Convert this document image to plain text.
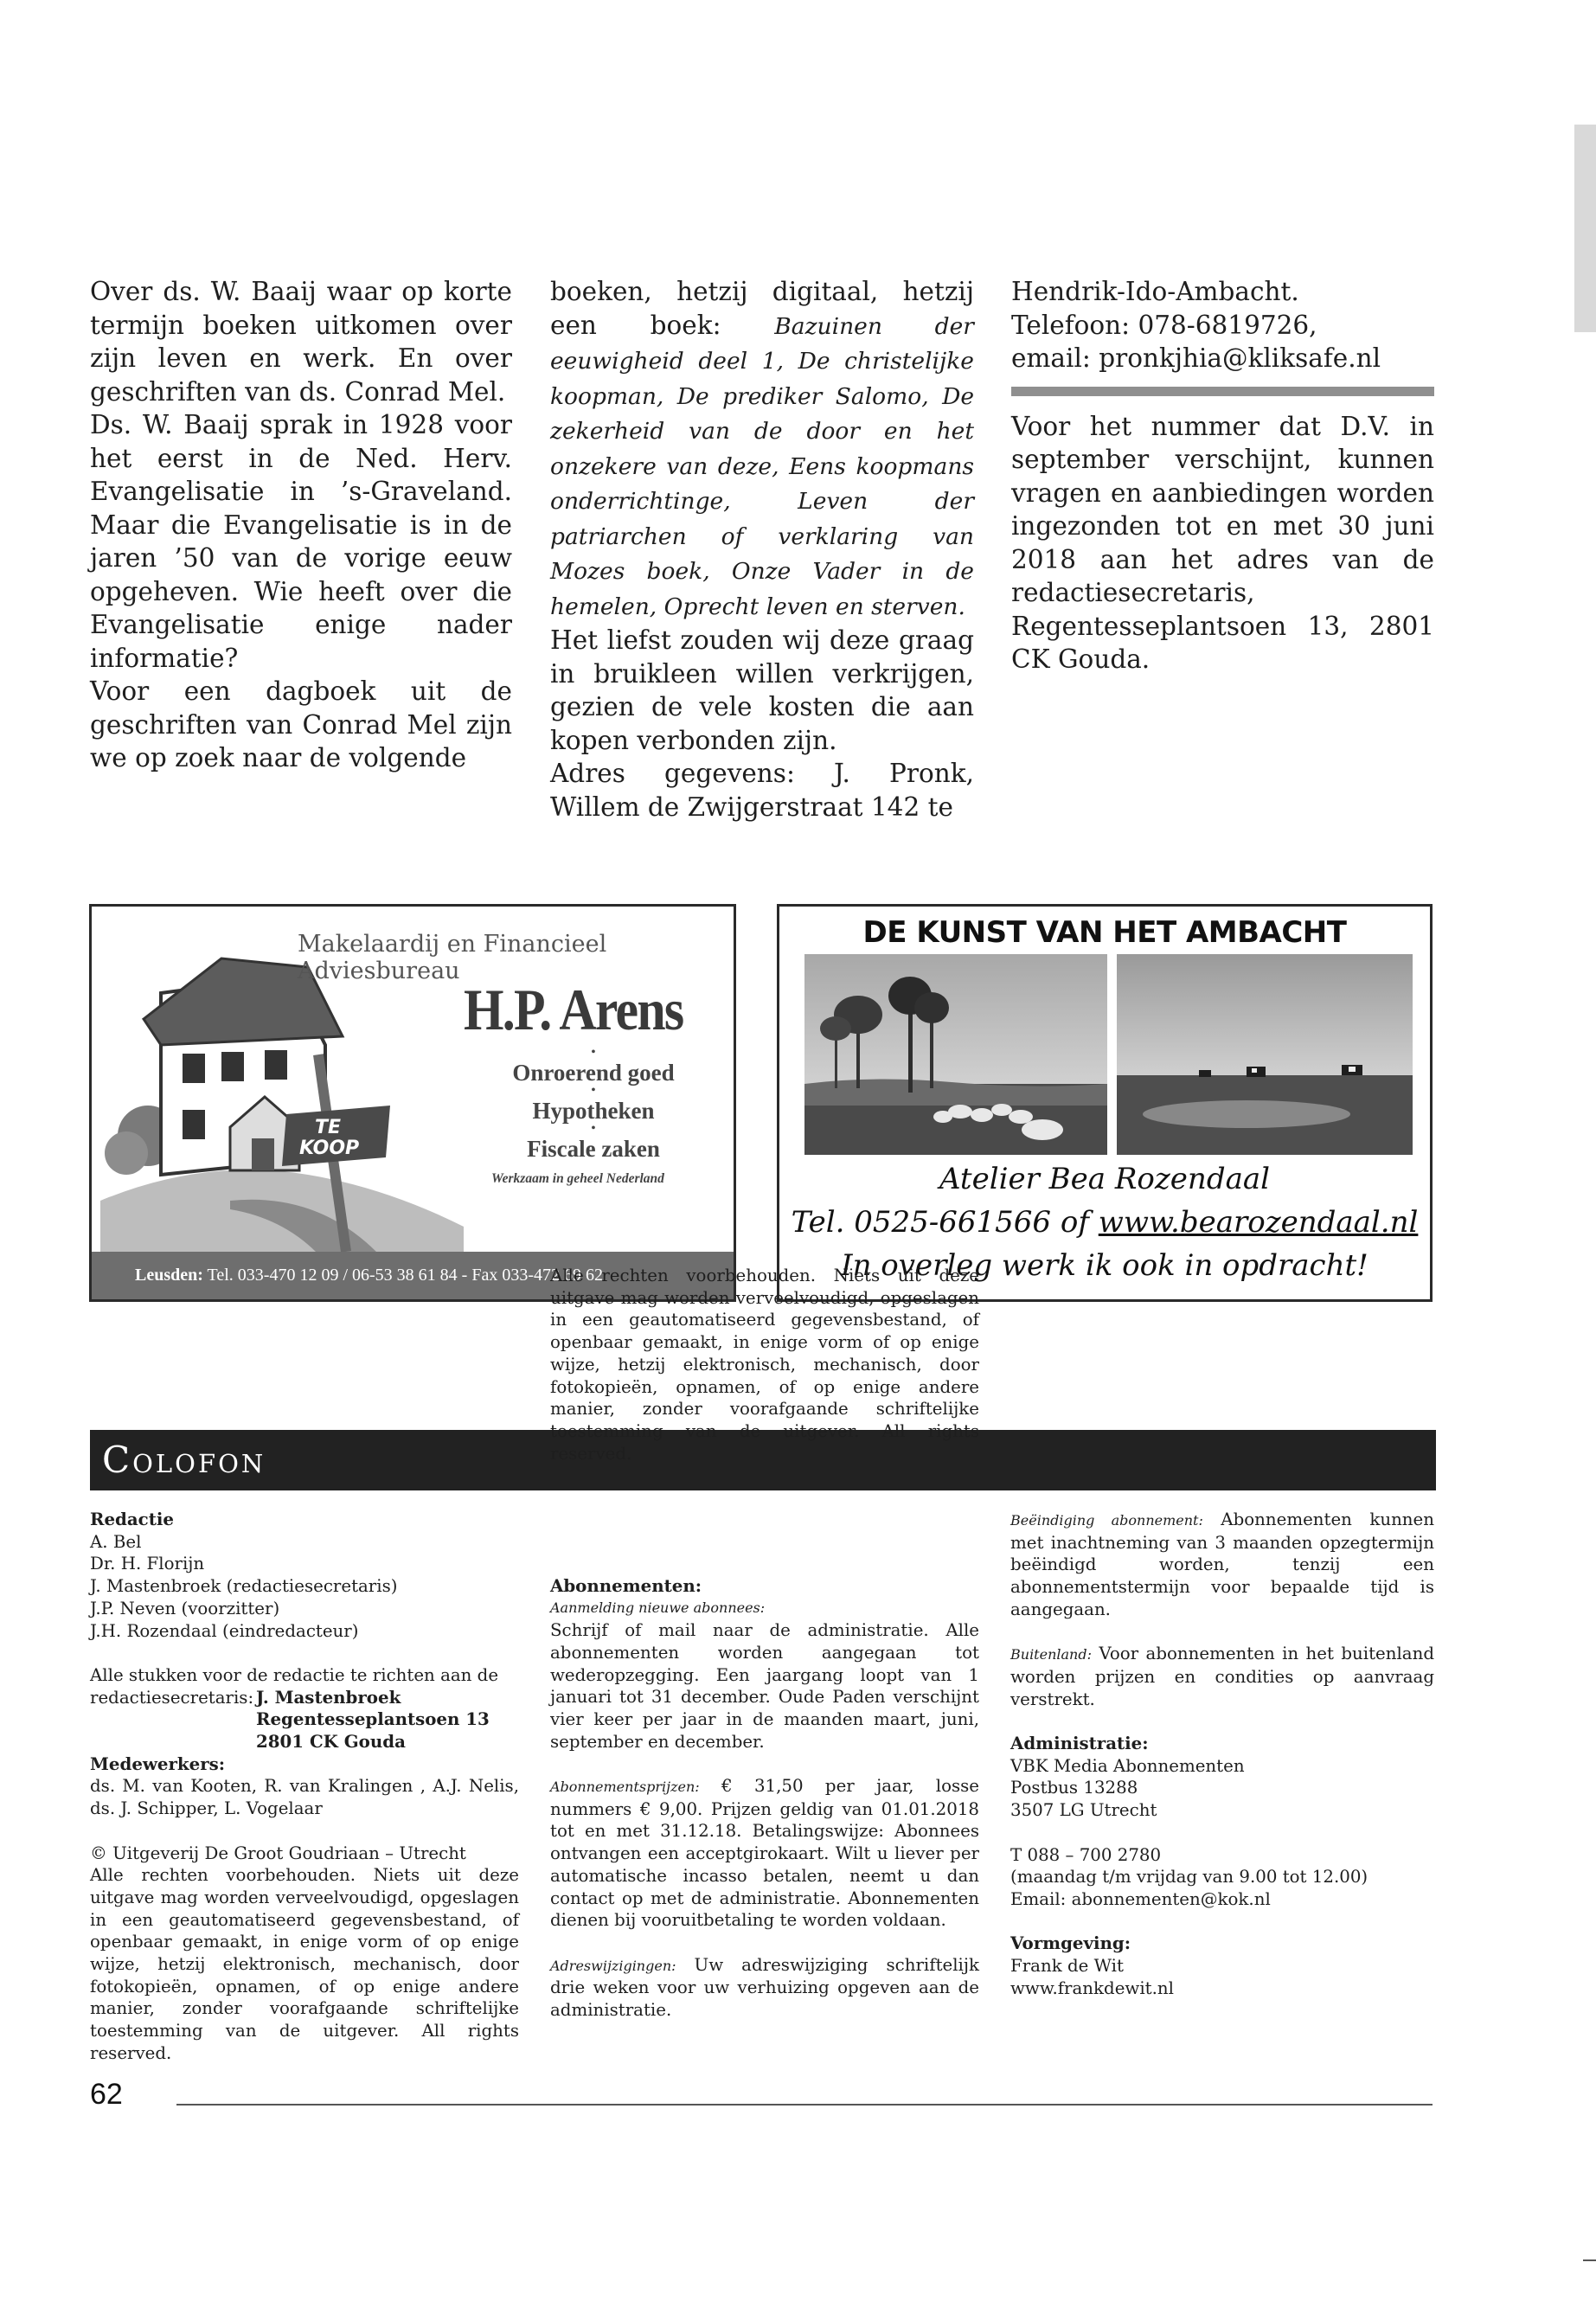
Over ds. W. Baaij waar op korte termijn boeken uitkomen over zijn leven en werk. En over geschriften van ds. Conrad Mel.

Ds. W. Baaij sprak in 1928 voor het eerst in de Ned. Herv. Evangelisatie in ’s-Graveland. Maar die Evangelisatie is in de jaren ’50 van de vorige eeuw opgeheven. Wie heeft over die Evangelisatie enige nader informatie?

Voor een dagboek uit de geschriften van Conrad Mel zijn we op zoek naar de volgende

boeken, hetzij digitaal, hetzij een boek: Bazuinen der eeuwigheid deel 1, De christelijke koopman, De prediker Salomo, De zekerheid van de door en het onzekere van deze, Eens koopmans onderrichtinge, Leven der patriarchen of verklaring van Mozes boek, Onze Vader in de hemelen, Oprecht leven en sterven.

Het liefst zouden wij deze graag in bruikleen willen verkrijgen, gezien de vele kosten die aan kopen verbonden zijn.

Adres gegevens: J. Pronk, Willem de Zwijgerstraat 142 te

Hendrik-Ido-Ambacht.

Telefoon: 078-6819726,

email: pronkjhia@kliksafe.nl

Voor het nummer dat D.V. in september verschijnt, kunnen vragen en aanbiedingen worden ingezonden tot en met 30 juni 2018 aan het adres van de redactiesecretaris, Regentesseplantsoen 13, 2801 CK Gouda.

TE
KOOP
Makelaardij en Financieel Adviesbureau
H.P. Arens
•
Onroerend goed
•
Hypotheken
•
Fiscale zaken
Werkzaam in geheel Nederland
Leusden: Tel. 033-470 12 09 / 06-53 38 61 84 - Fax 033-472 69 62
DE KUNST VAN HET AMBACHT
Atelier Bea Rozendaal
Tel. 0525-661566 of www.bearozendaal.nl
In overleg werk ik ook in opdracht!
Colofon

Redactie

A. Bel

Dr. H. Florijn

J. Mastenbroek (redactiesecretaris)

J.P. Neven (voorzitter)

J.H. Rozendaal (eindredacteur)

Alle stukken voor de redactie te richten aan de

redactiesecretaris: J. Mastenbroek
Regentesseplantsoen 13
2801 CK Gouda

Medewerkers:

ds. M. van Kooten, R. van Kralingen , A.J. Nelis, ds. J. Schipper, L. Vogelaar

© Uitgeverij De Groot Goudriaan – Utrecht

Alle rechten voorbehouden. Niets uit deze uitgave mag worden verveelvoudigd, opgeslagen in een geautomatiseerd gegevensbestand, of openbaar gemaakt, in enige vorm of op enige wijze, hetzij elektronisch, mechanisch, door fotokopieën, opnamen, of op enige andere manier, zonder voorafgaande schriftelijke toestemming van de uitgever. All rights reserved.

Alle rechten voorbehouden. Niets uit deze uitgave mag worden verveelvoudigd, opgeslagen in een geautomatiseerd gegevensbestand, of openbaar gemaakt, in enige vorm of op enige wijze, hetzij elektronisch, mechanisch, door fotokopieën, opnamen, of op enige andere manier, zonder voorafgaande schriftelijke toestemming van de uitgever. All rights reserved.

Abonnementen:

Aanmelding nieuwe abonnees:

Schrijf of mail naar de administratie. Alle abonnementen worden aangegaan tot wederopzegging. Een jaargang loopt van 1 januari tot 31 december. Oude Paden verschijnt vier keer per jaar in de maanden maart, juni, september en december.

Abonnementsprijzen: € 31,50 per jaar, losse nummers € 9,00. Prijzen geldig van 01.01.2018 tot en met 31.12.18. Betalingswijze: Abonnees ontvangen een acceptgirokaart. Wilt u liever per automatische incasso betalen, neemt u dan contact op met de administratie. Abonnementen dienen bij vooruitbetaling te worden voldaan.

Adreswijzigingen: Uw adreswijziging schriftelijk drie weken voor uw verhuizing opgeven aan de administratie.

Beëindiging abonnement: Abonnementen kunnen met inachtneming van 3 maanden opzegtermijn beëindigd worden, tenzij een abonnementstermijn voor bepaalde tijd is aangegaan.

Buitenland: Voor abonnementen in het buitenland worden prijzen en condities op aanvraag verstrekt.

Administratie:

VBK Media Abonnementen

Postbus 13288

3507 LG Utrecht

T 088 – 700 2780

(maandag t/m vrijdag van 9.00 tot 12.00)

Email: abonnementen@kok.nl

Vormgeving:

Frank de Wit

www.frankdewit.nl

62
